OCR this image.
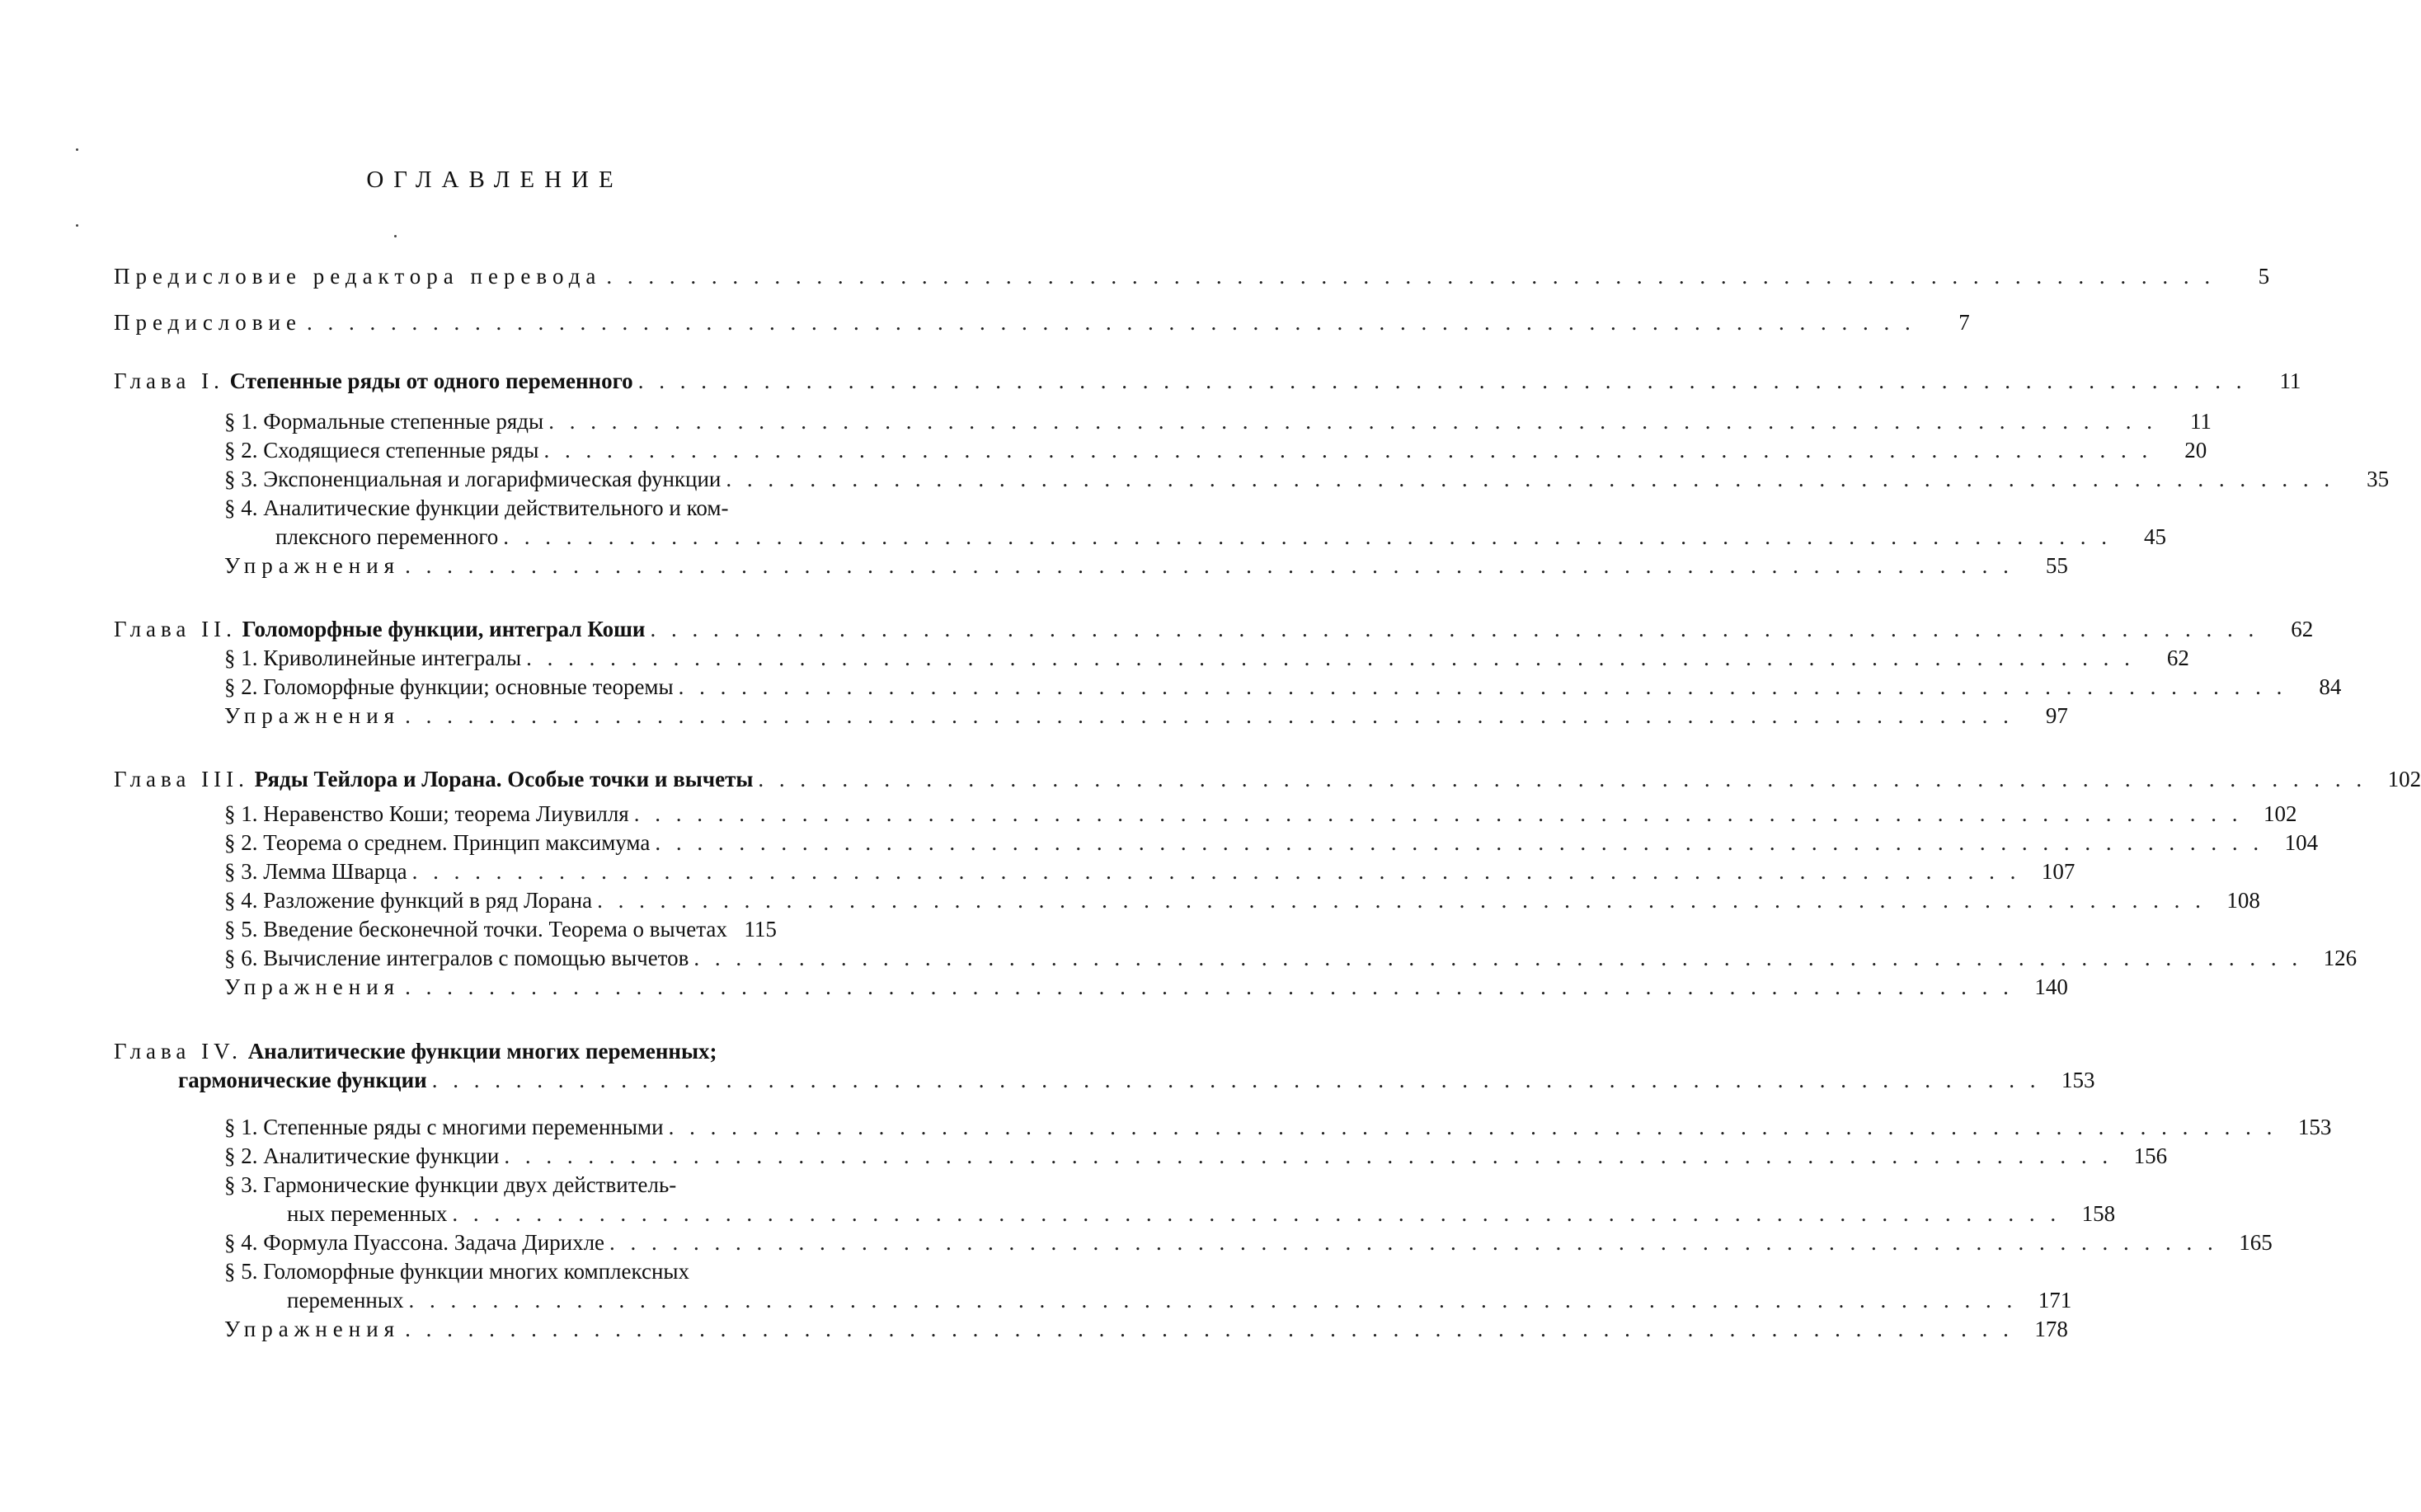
ОГЛАВЛЕНИЕ
Предисловие редактора перевода . . .	5
Предисловие . . .	7
Глава I. Степенные ряды от одного переменного . . .	11
§ 1. Формальные степенные ряды . . .	11
§ 2. Сходящиеся степенные ряды . . .	20
§ 3. Экспоненциальная и логарифмическая функции . . .	35
§ 4. Аналитические функции действительного и ком-
плексного переменного . . .	45
Упражнения . . .	55
Глава II. Голоморфные функции, интеграл Коши . . .	62
§ 1. Криволинейные интегралы . . .	62
§ 2. Голоморфные функции; основные теоремы . . .	84
Упражнения . . .	97
Глава III. Ряды Тейлора и Лорана. Особые точки и вычеты . . .	102
§ 1. Неравенство Коши; теорема Лиувилля . . .	102
§ 2. Теорема о среднем. Принцип максимума . . .	104
§ 3. Лемма Шварца . . .	107
§ 4. Разложение функций в ряд Лорана . . .	108
§ 5. Введение бесконечной точки. Теорема о вычетах 115
§ 6. Вычисление интегралов с помощью вычетов . . .	126
Упражнения . . .	140
Глава IV. Аналитические функции многих переменных;
гармонические функции . . .	153
§ 1. Степенные ряды с многими переменными . . .	153
§ 2. Аналитические функции . . .	156
§ 3. Гармонические функции двух действитель-
ных переменных . . .	158
§ 4. Формула Пуассона. Задача Дирихле . . .	165
§ 5. Голоморфные функции многих комплексных
переменных . . .	171
Упражнения . . .	178
